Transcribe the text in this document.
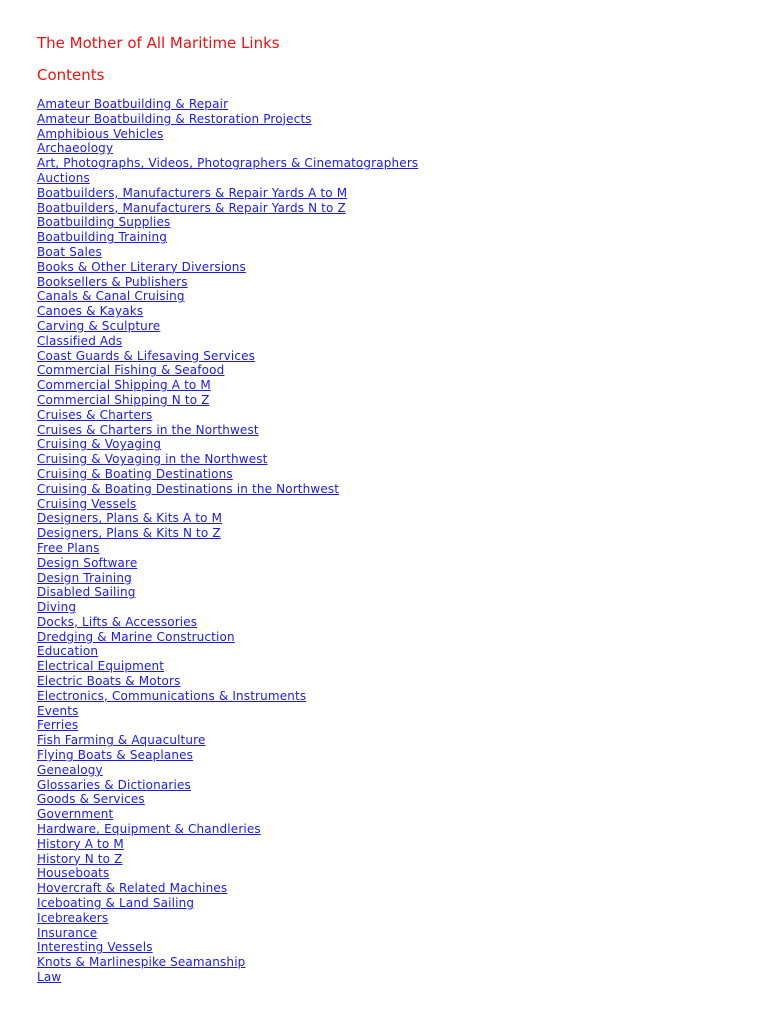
The Mother of All Maritime Links
Contents
Amateur Boatbuilding & Repair
Amateur Boatbuilding & Restoration Projects
Amphibious Vehicles
Archaeology
Art, Photographs, Videos, Photographers & Cinematographers
Auctions
Boatbuilders, Manufacturers & Repair Yards A to M
Boatbuilders, Manufacturers & Repair Yards N to Z
Boatbuilding Supplies
Boatbuilding Training
Boat Sales
Books & Other Literary Diversions
Booksellers & Publishers
Canals & Canal Cruising
Canoes & Kayaks
Carving & Sculpture
Classified Ads
Coast Guards & Lifesaving Services
Commercial Fishing & Seafood
Commercial Shipping A to M
Commercial Shipping N to Z
Cruises & Charters
Cruises & Charters in the Northwest
Cruising & Voyaging
Cruising & Voyaging in the Northwest
Cruising & Boating Destinations
Cruising & Boating Destinations in the Northwest
Cruising Vessels
Designers, Plans & Kits A to M
Designers, Plans & Kits N to Z
Free Plans
Design Software
Design Training
Disabled Sailing
Diving
Docks, Lifts & Accessories
Dredging & Marine Construction
Education
Electrical Equipment
Electric Boats & Motors
Electronics, Communications & Instruments
Events
Ferries
Fish Farming & Aquaculture
Flying Boats & Seaplanes
Genealogy
Glossaries & Dictionaries
Goods & Services
Government
Hardware, Equipment & Chandleries
History A to M
History N to Z
Houseboats
Hovercraft & Related Machines
Iceboating & Land Sailing
Icebreakers
Insurance
Interesting Vessels
Knots & Marlinespike Seamanship
Law
